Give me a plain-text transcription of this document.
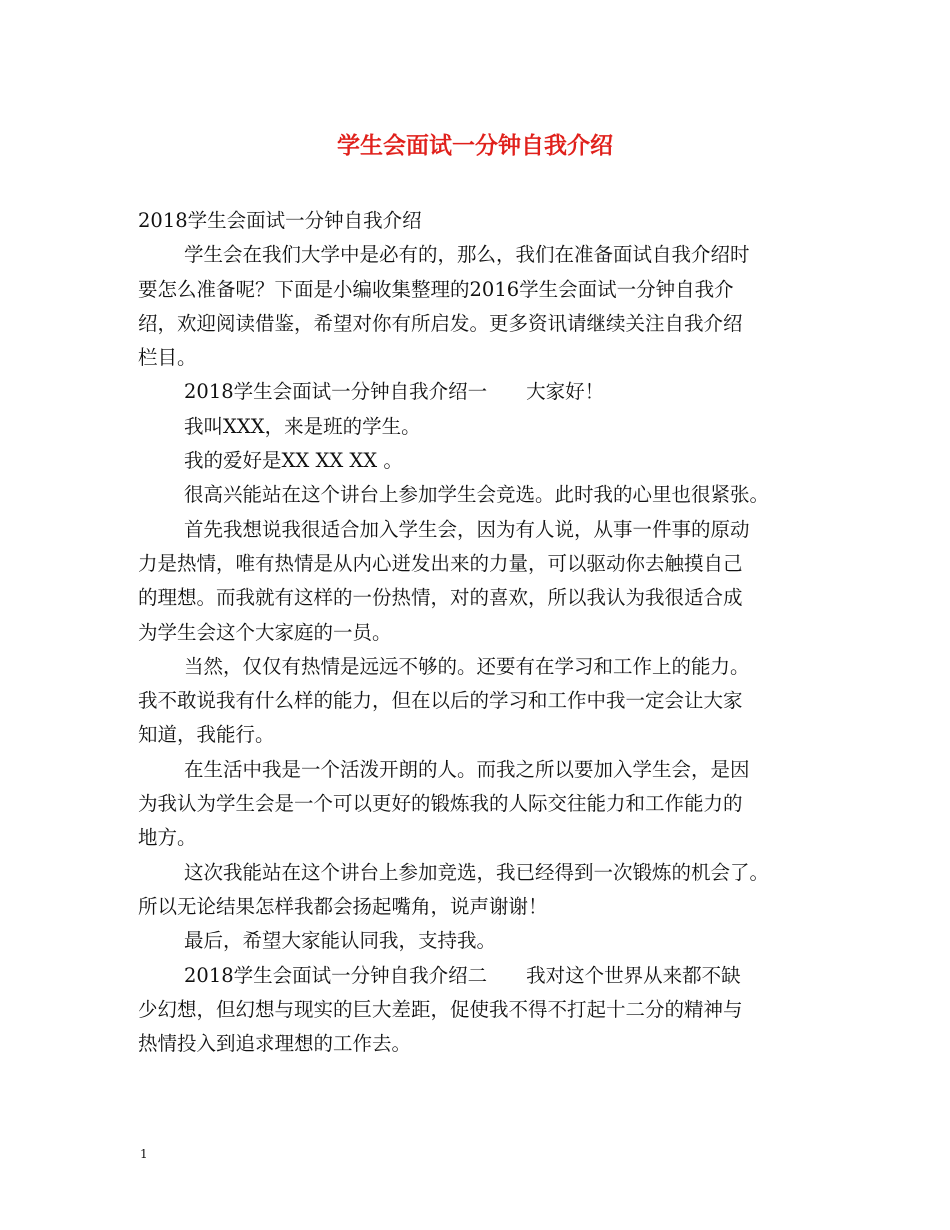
学生会面试一分钟自我介绍
2018学生会面试一分钟自我介绍
学生会在我们大学中是必有的，那么，我们在准备面试自我介绍时
要怎么准备呢？下面是小编收集整理的2016学生会面试一分钟自我介
绍，欢迎阅读借鉴，希望对你有所启发。更多资讯请继续关注自我介绍
栏目。
2018学生会面试一分钟自我介绍一　　大家好！
我叫XXX，来是班的学生。
我的爱好是XX XX XX 。
很高兴能站在这个讲台上参加学生会竞选。此时我的心里也很紧张。
首先我想说我很适合加入学生会，因为有人说，从事一件事的原动
力是热情，唯有热情是从内心迸发出来的力量，可以驱动你去触摸自己
的理想。而我就有这样的一份热情，对的喜欢，所以我认为我很适合成
为学生会这个大家庭的一员。
当然，仅仅有热情是远远不够的。还要有在学习和工作上的能力。
我不敢说我有什么样的能力，但在以后的学习和工作中我一定会让大家
知道，我能行。
在生活中我是一个活泼开朗的人。而我之所以要加入学生会，是因
为我认为学生会是一个可以更好的锻炼我的人际交往能力和工作能力的
地方。
这次我能站在这个讲台上参加竞选，我已经得到一次锻炼的机会了。
所以无论结果怎样我都会扬起嘴角，说声谢谢！
最后，希望大家能认同我，支持我。
2018学生会面试一分钟自我介绍二　　我对这个世界从来都不缺
少幻想，但幻想与现实的巨大差距，促使我不得不打起十二分的精神与
热情投入到追求理想的工作去。
1
